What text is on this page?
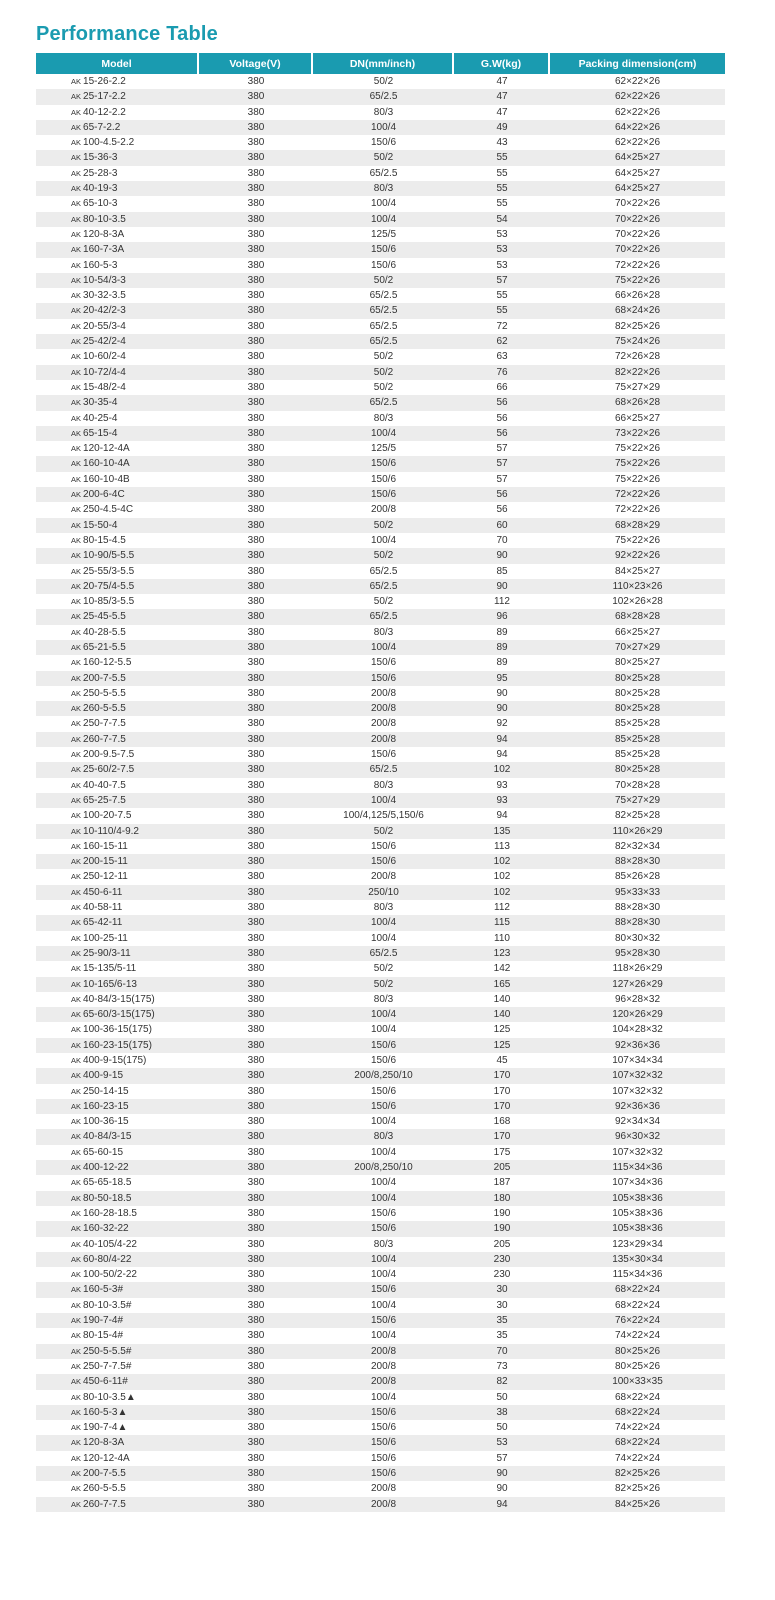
Performance Table
Model	Voltage(V)	DN(mm/inch)	G.W(kg)	Packing dimension(cm)
AK 15-26-2.2	380	50/2	47	62×22×26
AK 25-17-2.2	380	65/2.5	47	62×22×26
AK 40-12-2.2	380	80/3	47	62×22×26
AK 65-7-2.2	380	100/4	49	64×22×26
AK 100-4.5-2.2	380	150/6	43	62×22×26
AK 15-36-3	380	50/2	55	64×25×27
AK 25-28-3	380	65/2.5	55	64×25×27
AK 40-19-3	380	80/3	55	64×25×27
AK 65-10-3	380	100/4	55	70×22×26
AK 80-10-3.5	380	100/4	54	70×22×26
AK 120-8-3A	380	125/5	53	70×22×26
AK 160-7-3A	380	150/6	53	70×22×26
AK 160-5-3	380	150/6	53	72×22×26
AK 10-54/3-3	380	50/2	57	75×22×26
AK 30-32-3.5	380	65/2.5	55	66×26×28
AK 20-42/2-3	380	65/2.5	55	68×24×26
AK 20-55/3-4	380	65/2.5	72	82×25×26
AK 25-42/2-4	380	65/2.5	62	75×24×26
AK 10-60/2-4	380	50/2	63	72×26×28
AK 10-72/4-4	380	50/2	76	82×22×26
AK 15-48/2-4	380	50/2	66	75×27×29
AK 30-35-4	380	65/2.5	56	68×26×28
AK 40-25-4	380	80/3	56	66×25×27
AK 65-15-4	380	100/4	56	73×22×26
AK 120-12-4A	380	125/5	57	75×22×26
AK 160-10-4A	380	150/6	57	75×22×26
AK 160-10-4B	380	150/6	57	75×22×26
AK 200-6-4C	380	150/6	56	72×22×26
AK 250-4.5-4C	380	200/8	56	72×22×26
AK 15-50-4	380	50/2	60	68×28×29
AK 80-15-4.5	380	100/4	70	75×22×26
AK 10-90/5-5.5	380	50/2	90	92×22×26
AK 25-55/3-5.5	380	65/2.5	85	84×25×27
AK 20-75/4-5.5	380	65/2.5	90	110×23×26
AK 10-85/3-5.5	380	50/2	112	102×26×28
AK 25-45-5.5	380	65/2.5	96	68×28×28
AK 40-28-5.5	380	80/3	89	66×25×27
AK 65-21-5.5	380	100/4	89	70×27×29
AK 160-12-5.5	380	150/6	89	80×25×27
AK 200-7-5.5	380	150/6	95	80×25×28
AK 250-5-5.5	380	200/8	90	80×25×28
AK 260-5-5.5	380	200/8	90	80×25×28
AK 250-7-7.5	380	200/8	92	85×25×28
AK 260-7-7.5	380	200/8	94	85×25×28
AK 200-9.5-7.5	380	150/6	94	85×25×28
AK 25-60/2-7.5	380	65/2.5	102	80×25×28
AK 40-40-7.5	380	80/3	93	70×28×28
AK 65-25-7.5	380	100/4	93	75×27×29
AK 100-20-7.5	380	100/4,125/5,150/6	94	82×25×28
AK 10-110/4-9.2	380	50/2	135	110×26×29
AK 160-15-11	380	150/6	113	82×32×34
AK 200-15-11	380	150/6	102	88×28×30
AK 250-12-11	380	200/8	102	85×26×28
AK 450-6-11	380	250/10	102	95×33×33
AK 40-58-11	380	80/3	112	88×28×30
AK 65-42-11	380	100/4	115	88×28×30
AK 100-25-11	380	100/4	110	80×30×32
AK 25-90/3-11	380	65/2.5	123	95×28×30
AK 15-135/5-11	380	50/2	142	118×26×29
AK 10-165/6-13	380	50/2	165	127×26×29
AK 40-84/3-15(175)	380	80/3	140	96×28×32
AK 65-60/3-15(175)	380	100/4	140	120×26×29
AK 100-36-15(175)	380	100/4	125	104×28×32
AK 160-23-15(175)	380	150/6	125	92×36×36
AK 400-9-15(175)	380	150/6	45	107×34×34
AK 400-9-15	380	200/8,250/10	170	107×32×32
AK 250-14-15	380	150/6	170	107×32×32
AK 160-23-15	380	150/6	170	92×36×36
AK 100-36-15	380	100/4	168	92×34×34
AK 40-84/3-15	380	80/3	170	96×30×32
AK 65-60-15	380	100/4	175	107×32×32
AK 400-12-22	380	200/8,250/10	205	115×34×36
AK 65-65-18.5	380	100/4	187	107×34×36
AK 80-50-18.5	380	100/4	180	105×38×36
AK 160-28-18.5	380	150/6	190	105×38×36
AK 160-32-22	380	150/6	190	105×38×36
AK 40-105/4-22	380	80/3	205	123×29×34
AK 60-80/4-22	380	100/4	230	135×30×34
AK 100-50/2-22	380	100/4	230	115×34×36
AK 160-5-3#	380	150/6	30	68×22×24
AK 80-10-3.5#	380	100/4	30	68×22×24
AK 190-7-4#	380	150/6	35	76×22×24
AK 80-15-4#	380	100/4	35	74×22×24
AK 250-5-5.5#	380	200/8	70	80×25×26
AK 250-7-7.5#	380	200/8	73	80×25×26
AK 450-6-11#	380	200/8	82	100×33×35
AK 80-10-3.5▲	380	100/4	50	68×22×24
AK 160-5-3▲	380	150/6	38	68×22×24
AK 190-7-4▲	380	150/6	50	74×22×24
AK 120-8-3A	380	150/6	53	68×22×24
AK 120-12-4A	380	150/6	57	74×22×24
AK 200-7-5.5	380	150/6	90	82×25×26
AK 260-5-5.5	380	200/8	90	82×25×26
AK 260-7-7.5	380	200/8	94	84×25×26
